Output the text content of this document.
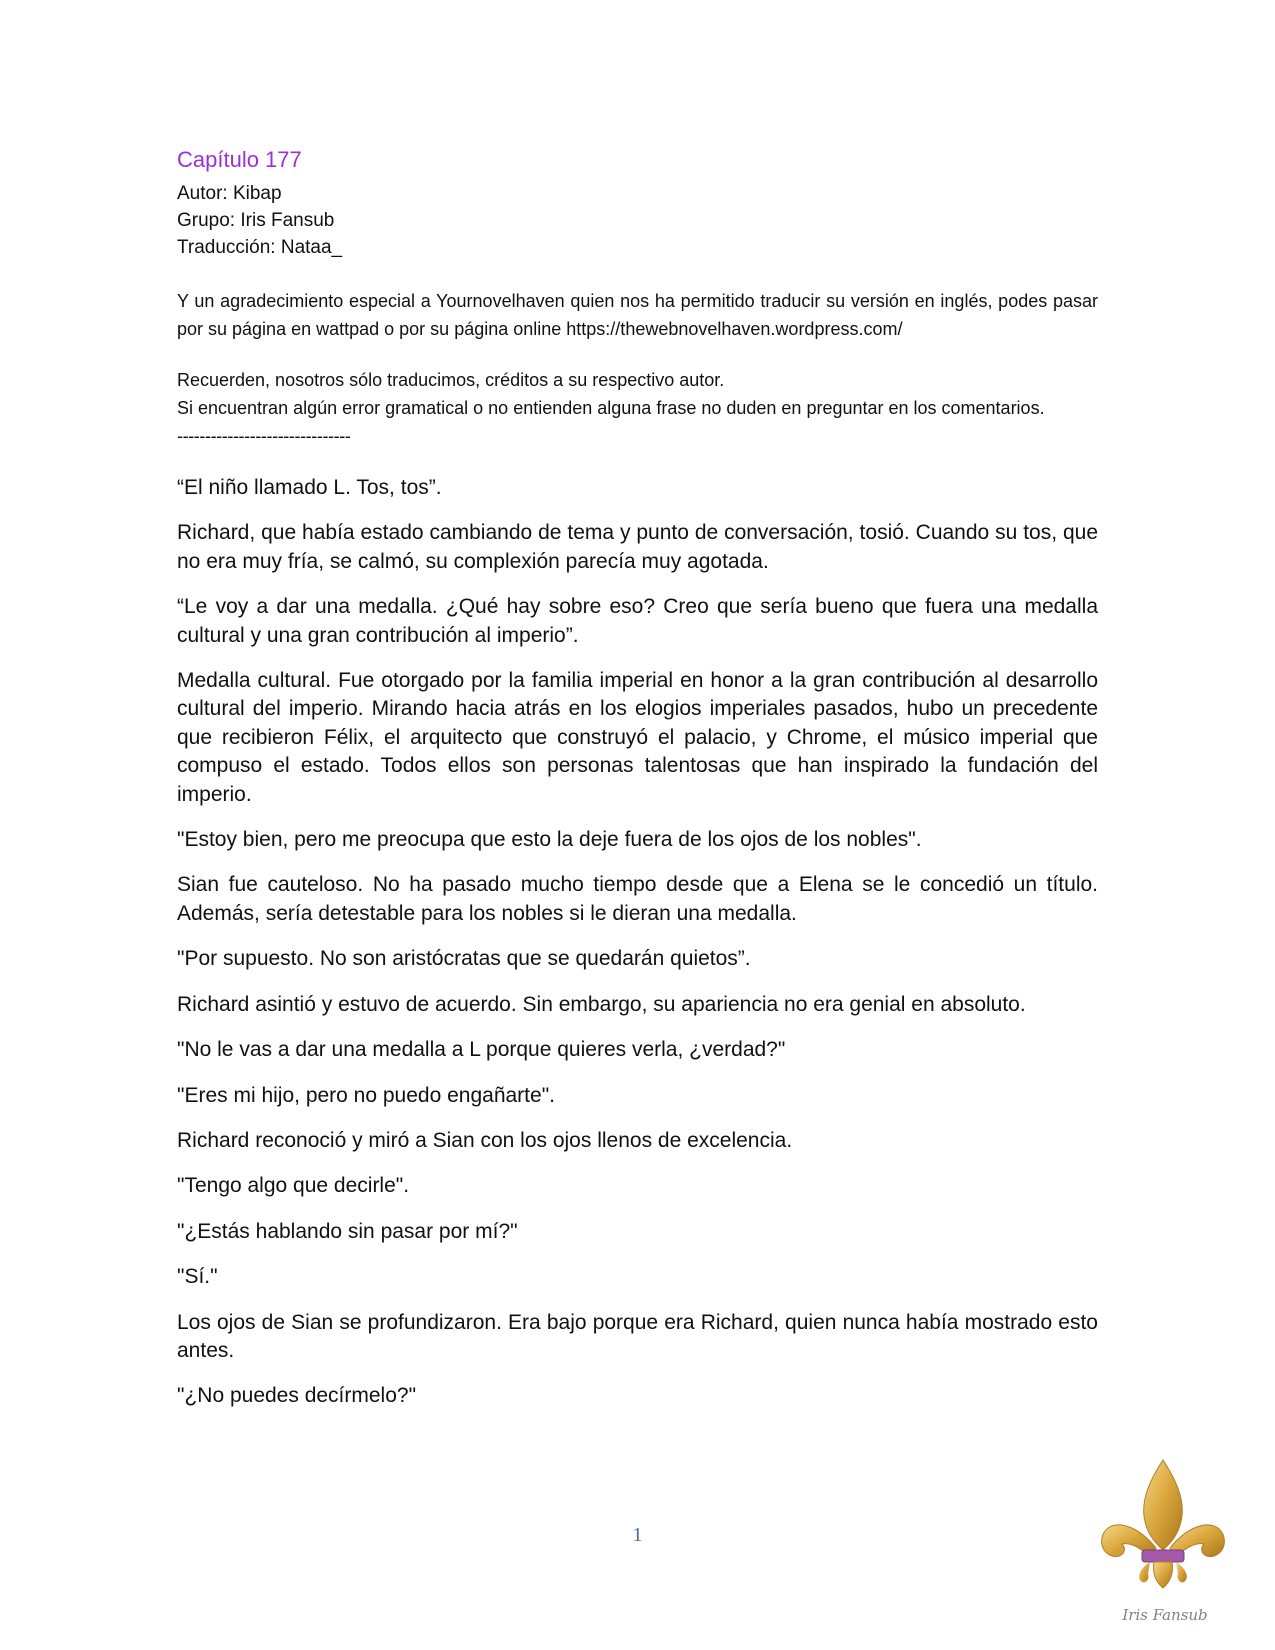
Capítulo 177

Autor: Kibap

Grupo: Iris Fansub

Traducción: Nataa_

Y un agradecimiento especial a Yournovelhaven quien nos ha permitido traducir su versión en inglés, podes pasar por su página en wattpad o por su página online https://thewebnovelhaven.wordpress.com/

Recuerden, nosotros sólo traducimos, créditos a su respectivo autor.

Si encuentran algún error gramatical o no entienden alguna frase no duden en preguntar en los comentarios.

-------------------------------

“El niño llamado L. Tos, tos”.

Richard, que había estado cambiando de tema y punto de conversación, tosió. Cuando su tos, que no era muy fría, se calmó, su complexión parecía muy agotada.

“Le voy a dar una medalla. ¿Qué hay sobre eso? Creo que sería bueno que fuera una medalla cultural y una gran contribución al imperio”.

Medalla cultural. Fue otorgado por la familia imperial en honor a la gran contribución al desarrollo cultural del imperio. Mirando hacia atrás en los elogios imperiales pasados, hubo un precedente que recibieron Félix, el arquitecto que construyó el palacio, y Chrome, el músico imperial que compuso el estado. Todos ellos son personas talentosas que han inspirado la fundación del imperio.

"Estoy bien, pero me preocupa que esto la deje fuera de los ojos de los nobles".

Sian fue cauteloso. No ha pasado mucho tiempo desde que a Elena se le concedió un título. Además, sería detestable para los nobles si le dieran una medalla.

"Por supuesto. No son aristócratas que se quedarán quietos”.

Richard asintió y estuvo de acuerdo. Sin embargo, su apariencia no era genial en absoluto.

"No le vas a dar una medalla a L porque quieres verla, ¿verdad?"

"Eres mi hijo, pero no puedo engañarte".

Richard reconoció y miró a Sian con los ojos llenos de excelencia.

"Tengo algo que decirle".

"¿Estás hablando sin pasar por mí?"

"Sí."

Los ojos de Sian se profundizaron. Era bajo porque era Richard, quien nunca había mostrado esto antes.

"¿No puedes decírmelo?"

1
Iris Fansub
